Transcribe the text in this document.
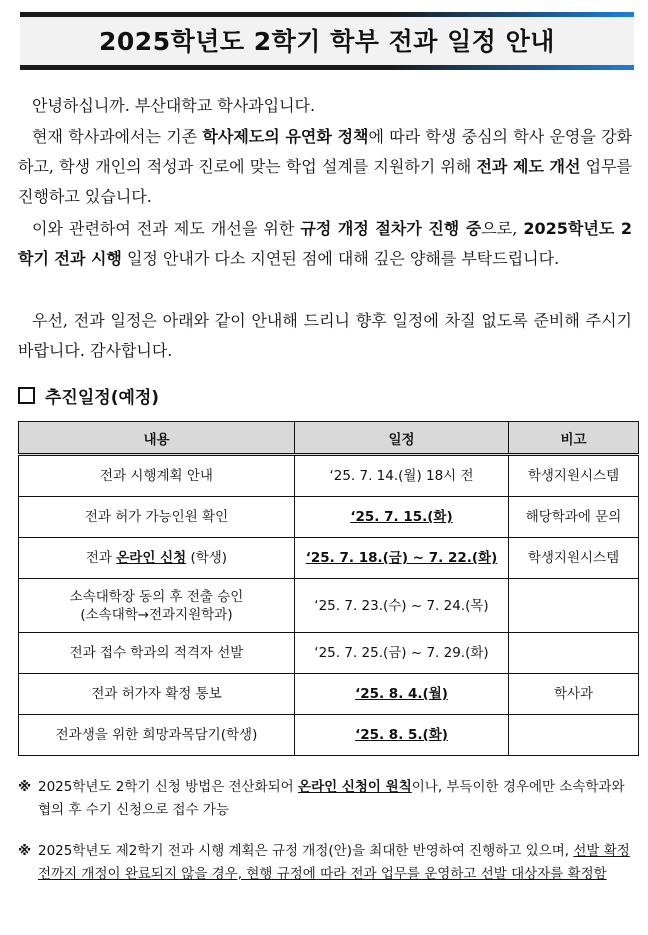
2025학년도 2학기 학부 전과 일정 안내
안녕하십니까. 부산대학교 학사과입니다.
현재 학사과에서는 기존 학사제도의 유연화 정책에 따라 학생 중심의 학사 운영을 강화하고, 학생 개인의 적성과 진로에 맞는 학업 설계를 지원하기 위해 전과 제도 개선 업무를 진행하고 있습니다.
이와 관련하여 전과 제도 개선을 위한 규정 개정 절차가 진행 중으로, 2025학년도 2학기 전과 시행 일정 안내가 다소 지연된 점에 대해 깊은 양해를 부탁드립니다.
우선, 전과 일정은 아래와 같이 안내해 드리니 향후 일정에 차질 없도록 준비해 주시기 바랍니다. 감사합니다.
추진일정(예정)
내용	일정	비고
전과 시행계획 안내	‘25. 7. 14.(월) 18시 전	학생지원시스템
전과 허가 가능인원 확인	‘25. 7. 15.(화)	해당학과에 문의
전과 온라인 신청 (학생)	‘25. 7. 18.(금) ~ 7. 22.(화)	학생지원시스템

소속대학장 동의 후 전출 승인
(소속대학→전과지원학과)	‘25. 7. 23.(수) ~ 7. 24.(목)	
전과 접수 학과의 적격자 선발	‘25. 7. 25.(금) ~ 7. 29.(화)	
전과 허가자 확정 통보	‘25. 8. 4.(월)	학사과
전과생을 위한 희망과목담기(학생)	‘25. 8. 5.(화)	
※ 2025학년도 2학기 신청 방법은 전산화되어 온라인 신청이 원칙이나, 부득이한 경우에만 소속학과와 협의 후 수기 신청으로 접수 가능
※ 2025학년도 제2학기 전과 시행 계획은 규정 개정(안)을 최대한 반영하여 진행하고 있으며, 선발 확정 전까지 개정이 완료되지 않을 경우, 현행 규정에 따라 전과 업무를 운영하고 선발 대상자를 확정함
